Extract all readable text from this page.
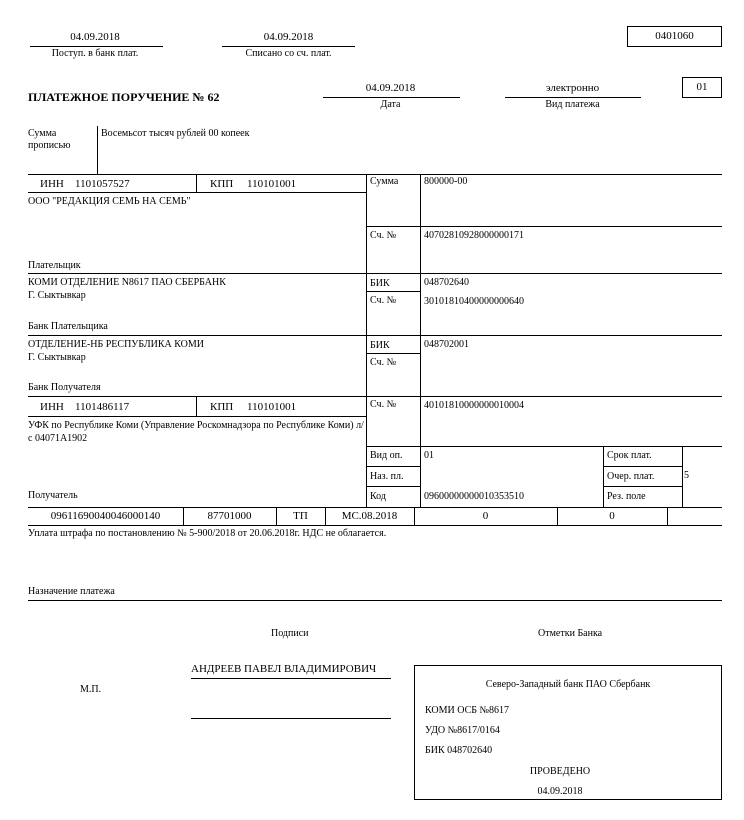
04.09.2018
Поступ. в банк плат.
04.09.2018
Списано со сч. плат.
0401060
ПЛАТЕЖНОЕ ПОРУЧЕНИЕ № 62
04.09.2018
Дата
электронно
Вид платежа
01
Сумма
прописью
Восемьсот тысяч рублей 00 копеек
ИНН 1101057527	КПП 110101001
ООО "РЕДАКЦИЯ СЕМЬ НА СЕМЬ"
Плательщик
Сумма	800000-00
Сч. №	40702810928000000171
КОМИ ОТДЕЛЕНИЕ N8617 ПАО СБЕРБАНК
Г. Сыктывкар
Банк Плательщика
БИК	048702640
Сч. №	30101810400000000640
ОТДЕЛЕНИЕ-НБ РЕСПУБЛИКА КОМИ
Г. Сыктывкар
Банк Получателя
БИК	048702001
Сч. №
ИНН 1101486117	КПП 110101001
УФК по Республике Коми (Управление Роскомнадзора по Республике Коми) л/с 04071А1902
Получатель
Сч. №	40101810000000010004
Вид оп. 01
Наз. пл.
Код	09600000000010353510
Срок плат.
Очер. плат.	5
Рез. поле
09611690040046000140	87701000	ТП	МС.08.2018	0	0
Уплата штрафа по постановлению № 5-900/2018 от 20.06.2018г. НДС не облагается.
Назначение платежа
Подписи	Отметки Банка
М.П.
АНДРЕЕВ ПАВЕЛ ВЛАДИМИРОВИЧ
Северо-Западный банк ПАО Сбербанк
КОМИ ОСБ №8617
УДО №8617/0164
БИК 048702640
ПРОВЕДЕНО
04.09.2018
